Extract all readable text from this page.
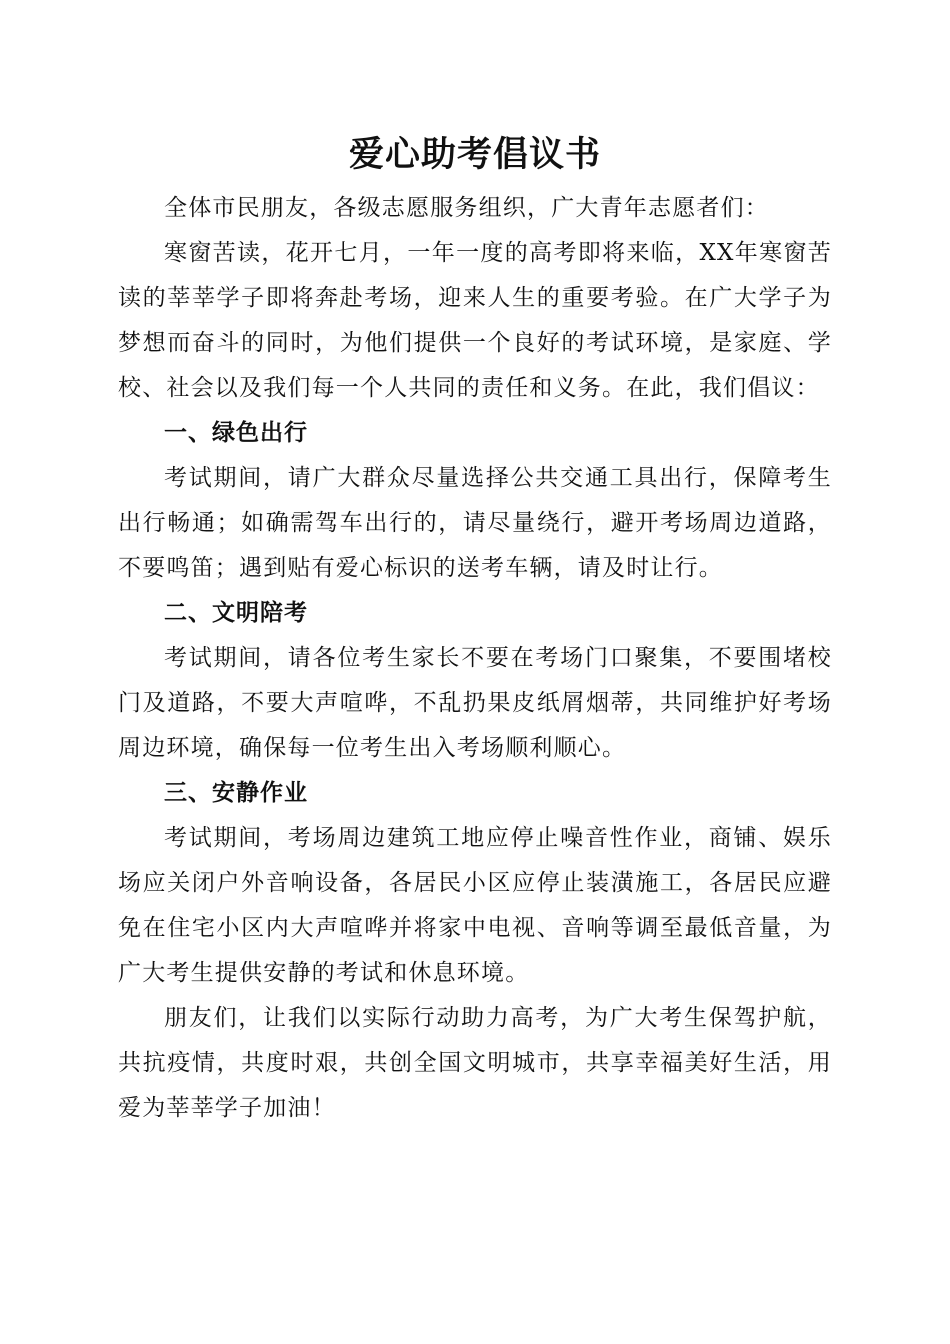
爱心助考倡议书

全体市民朋友，各级志愿服务组织，广大青年志愿者们：

寒窗苦读，花开七月，一年一度的高考即将来临，XX年寒窗苦读的莘莘学子即将奔赴考场，迎来人生的重要考验。在广大学子为梦想而奋斗的同时，为他们提供一个良好的考试环境，是家庭、学校、社会以及我们每一个人共同的责任和义务。在此，我们倡议：

一、绿色出行

考试期间，请广大群众尽量选择公共交通工具出行，保障考生出行畅通；如确需驾车出行的，请尽量绕行，避开考场周边道路，不要鸣笛；遇到贴有爱心标识的送考车辆，请及时让行。

二、文明陪考

考试期间，请各位考生家长不要在考场门口聚集，不要围堵校门及道路，不要大声喧哗，不乱扔果皮纸屑烟蒂，共同维护好考场周边环境，确保每一位考生出入考场顺利顺心。

三、安静作业

考试期间，考场周边建筑工地应停止噪音性作业，商铺、娱乐场应关闭户外音响设备，各居民小区应停止装潢施工，各居民应避免在住宅小区内大声喧哗并将家中电视、音响等调至最低音量，为广大考生提供安静的考试和休息环境。

朋友们，让我们以实际行动助力高考，为广大考生保驾护航，共抗疫情，共度时艰，共创全国文明城市，共享幸福美好生活，用爱为莘莘学子加油！
